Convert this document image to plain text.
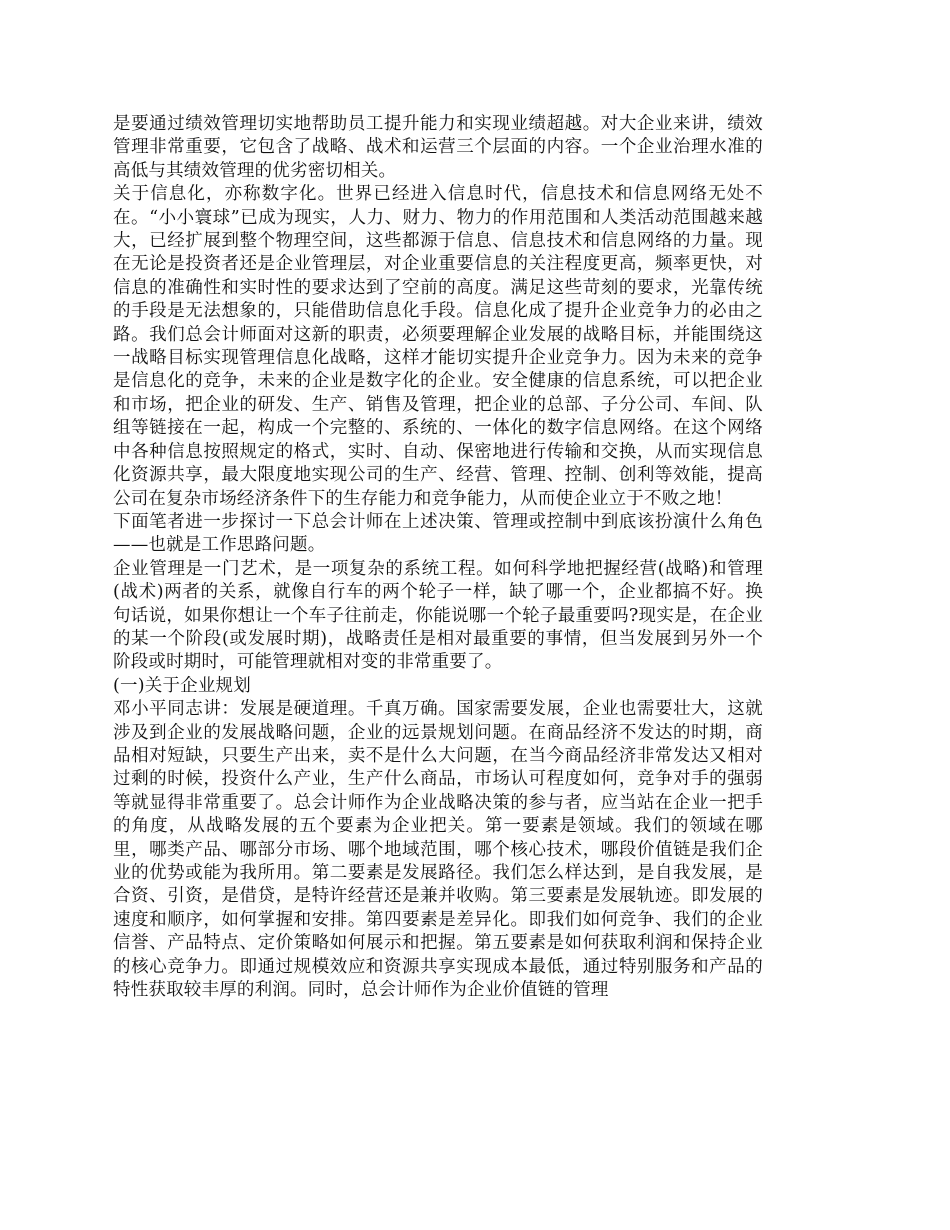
是要通过绩效管理切实地帮助员工提升能力和实现业绩超越。对大企业来讲，绩效管理非常重要，它包含了战略、战术和运营三个层面的内容。一个企业治理水准的高低与其绩效管理的优劣密切相关。

关于信息化，亦称数字化。世界已经进入信息时代，信息技术和信息网络无处不在。“小小寰球”已成为现实，人力、财力、物力的作用范围和人类活动范围越来越大，已经扩展到整个物理空间，这些都源于信息、信息技术和信息网络的力量。现在无论是投资者还是企业管理层，对企业重要信息的关注程度更高，频率更快，对信息的准确性和实时性的要求达到了空前的高度。满足这些苛刻的要求，光靠传统的手段是无法想象的，只能借助信息化手段。信息化成了提升企业竞争力的必由之路。我们总会计师面对这新的职责，必须要理解企业发展的战略目标，并能围绕这一战略目标实现管理信息化战略，这样才能切实提升企业竞争力。因为未来的竞争是信息化的竞争，未来的企业是数字化的企业。安全健康的信息系统，可以把企业和市场，把企业的研发、生产、销售及管理，把企业的总部、子分公司、车间、队组等链接在一起，构成一个完整的、系统的、一体化的数字信息网络。在这个网络中各种信息按照规定的格式，实时、自动、保密地进行传输和交换，从而实现信息化资源共享，最大限度地实现公司的生产、经营、管理、控制、创利等效能，提高公司在复杂市场经济条件下的生存能力和竞争能力，从而使企业立于不败之地！

下面笔者进一步探讨一下总会计师在上述决策、管理或控制中到底该扮演什么角色——也就是工作思路问题。

企业管理是一门艺术，是一项复杂的系统工程。如何科学地把握经营(战略)和管理(战术)两者的关系，就像自行车的两个轮子一样，缺了哪一个，企业都搞不好。换句话说，如果你想让一个车子往前走，你能说哪一个轮子最重要吗?现实是，在企业的某一个阶段(或发展时期)，战略责任是相对最重要的事情，但当发展到另外一个阶段或时期时，可能管理就相对变的非常重要了。

(一)关于企业规划

邓小平同志讲：发展是硬道理。千真万确。国家需要发展，企业也需要壮大，这就涉及到企业的发展战略问题，企业的远景规划问题。在商品经济不发达的时期，商品相对短缺，只要生产出来，卖不是什么大问题，在当今商品经济非常发达又相对过剩的时候，投资什么产业，生产什么商品，市场认可程度如何，竞争对手的强弱等就显得非常重要了。总会计师作为企业战略决策的参与者，应当站在企业一把手的角度，从战略发展的五个要素为企业把关。第一要素是领域。我们的领域在哪里，哪类产品、哪部分市场、哪个地域范围，哪个核心技术，哪段价值链是我们企业的优势或能为我所用。第二要素是发展路径。我们怎么样达到，是自我发展，是合资、引资，是借贷，是特许经营还是兼并收购。第三要素是发展轨迹。即发展的速度和顺序，如何掌握和安排。第四要素是差异化。即我们如何竞争、我们的企业信誉、产品特点、定价策略如何展示和把握。第五要素是如何获取利润和保持企业的核心竞争力。即通过规模效应和资源共享实现成本最低，通过特别服务和产品的特性获取较丰厚的利润。同时，总会计师作为企业价值链的管理
